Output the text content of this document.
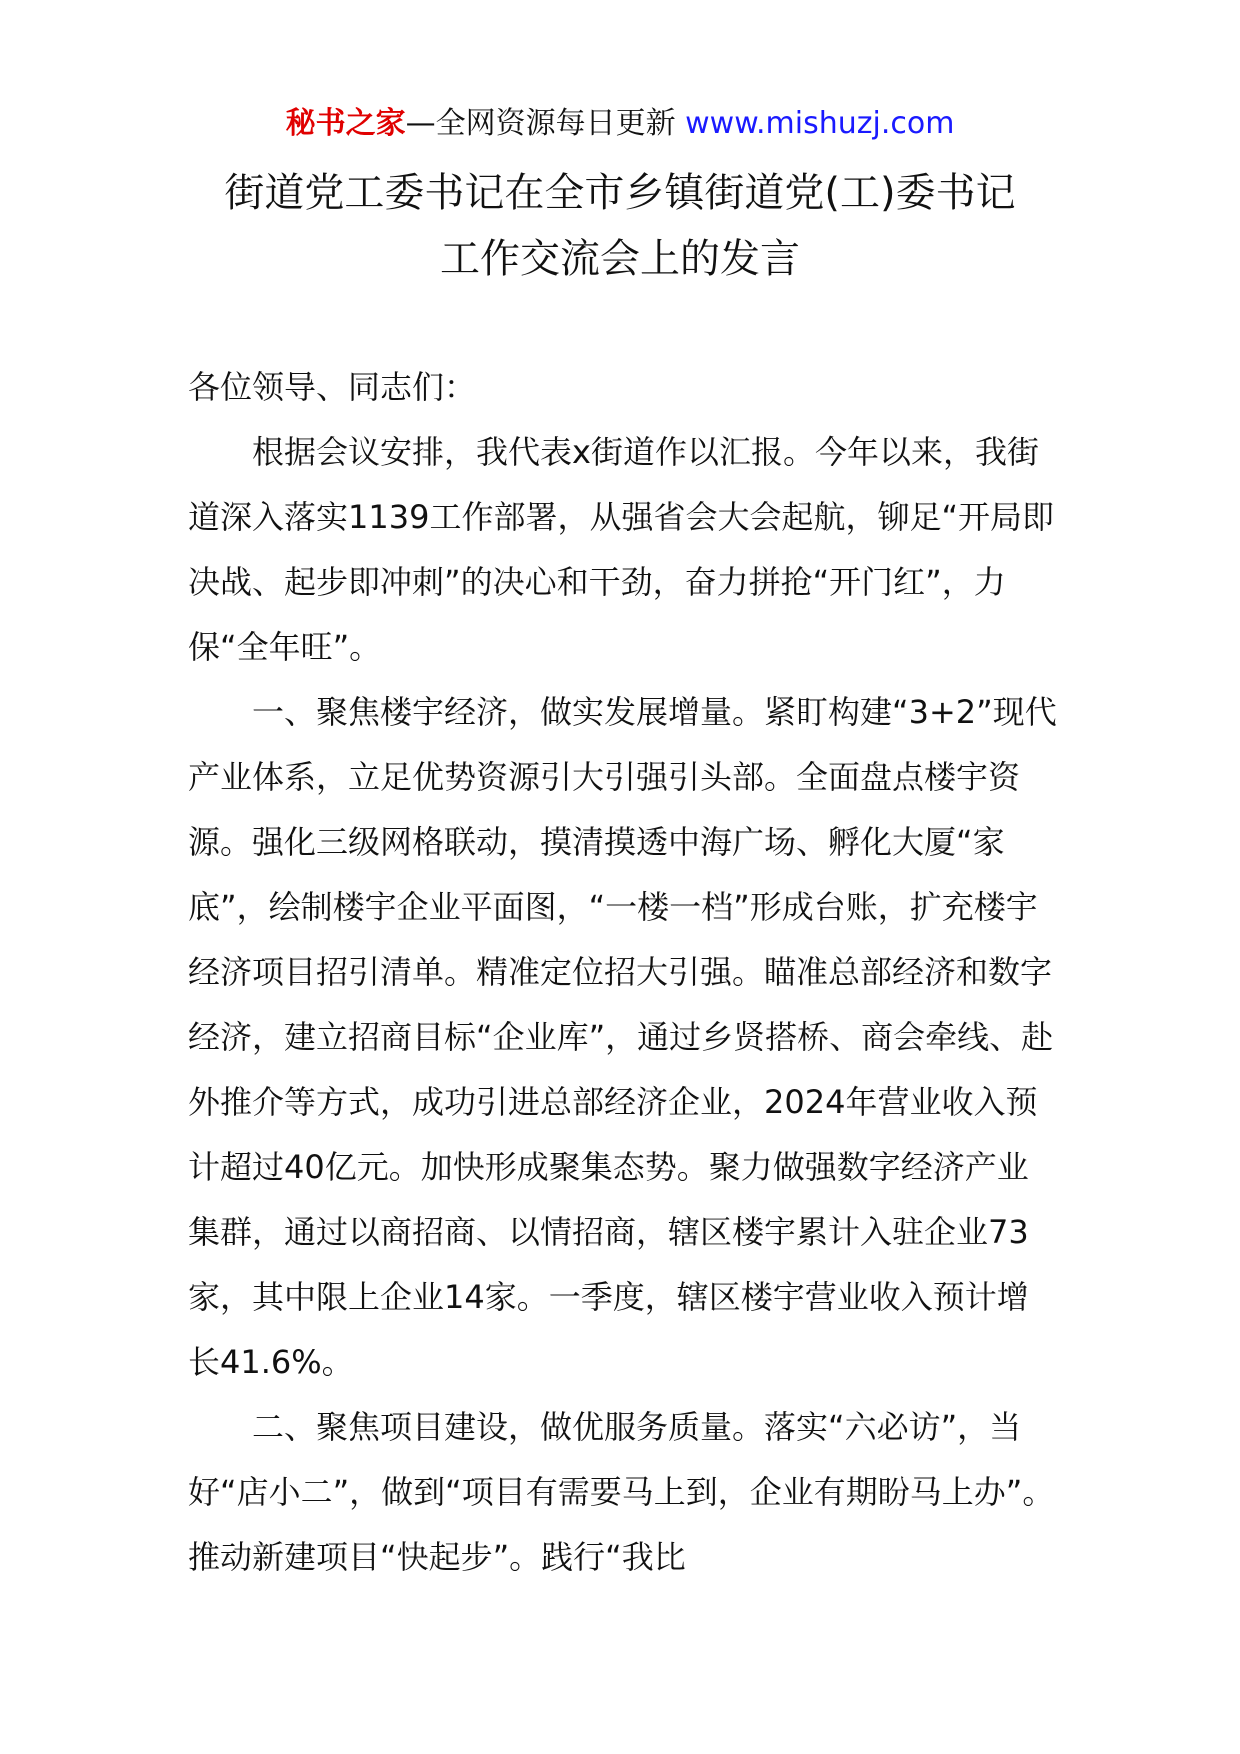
秘书之家—全网资源每日更新 www.mishuzj.com
街道党工委书记在全市乡镇街道党(工)委书记
工作交流会上的发言

各位领导、同志们：

根据会议安排，我代表x街道作以汇报。今年以来，我街道深入落实1139工作部署，从强省会大会起航，铆足“开局即决战、起步即冲刺”的决心和干劲，奋力拼抢“开门红”，力保“全年旺”。

一、聚焦楼宇经济，做实发展增量。紧盯构建“3+2”现代产业体系，立足优势资源引大引强引头部。全面盘点楼宇资源。强化三级网格联动，摸清摸透中海广场、孵化大厦“家底”，绘制楼宇企业平面图，“一楼一档”形成台账，扩充楼宇经济项目招引清单。精准定位招大引强。瞄准总部经济和数字经济，建立招商目标“企业库”，通过乡贤搭桥、商会牵线、赴外推介等方式，成功引进总部经济企业，2024年营业收入预计超过40亿元。加快形成聚集态势。聚力做强数字经济产业集群，通过以商招商、以情招商，辖区楼宇累计入驻企业73家，其中限上企业14家。一季度，辖区楼宇营业收入预计增长41.6%。

二、聚焦项目建设，做优服务质量。落实“六必访”，当好“店小二”，做到“项目有需要马上到，企业有期盼马上办”。推动新建项目“快起步”。践行“我比
